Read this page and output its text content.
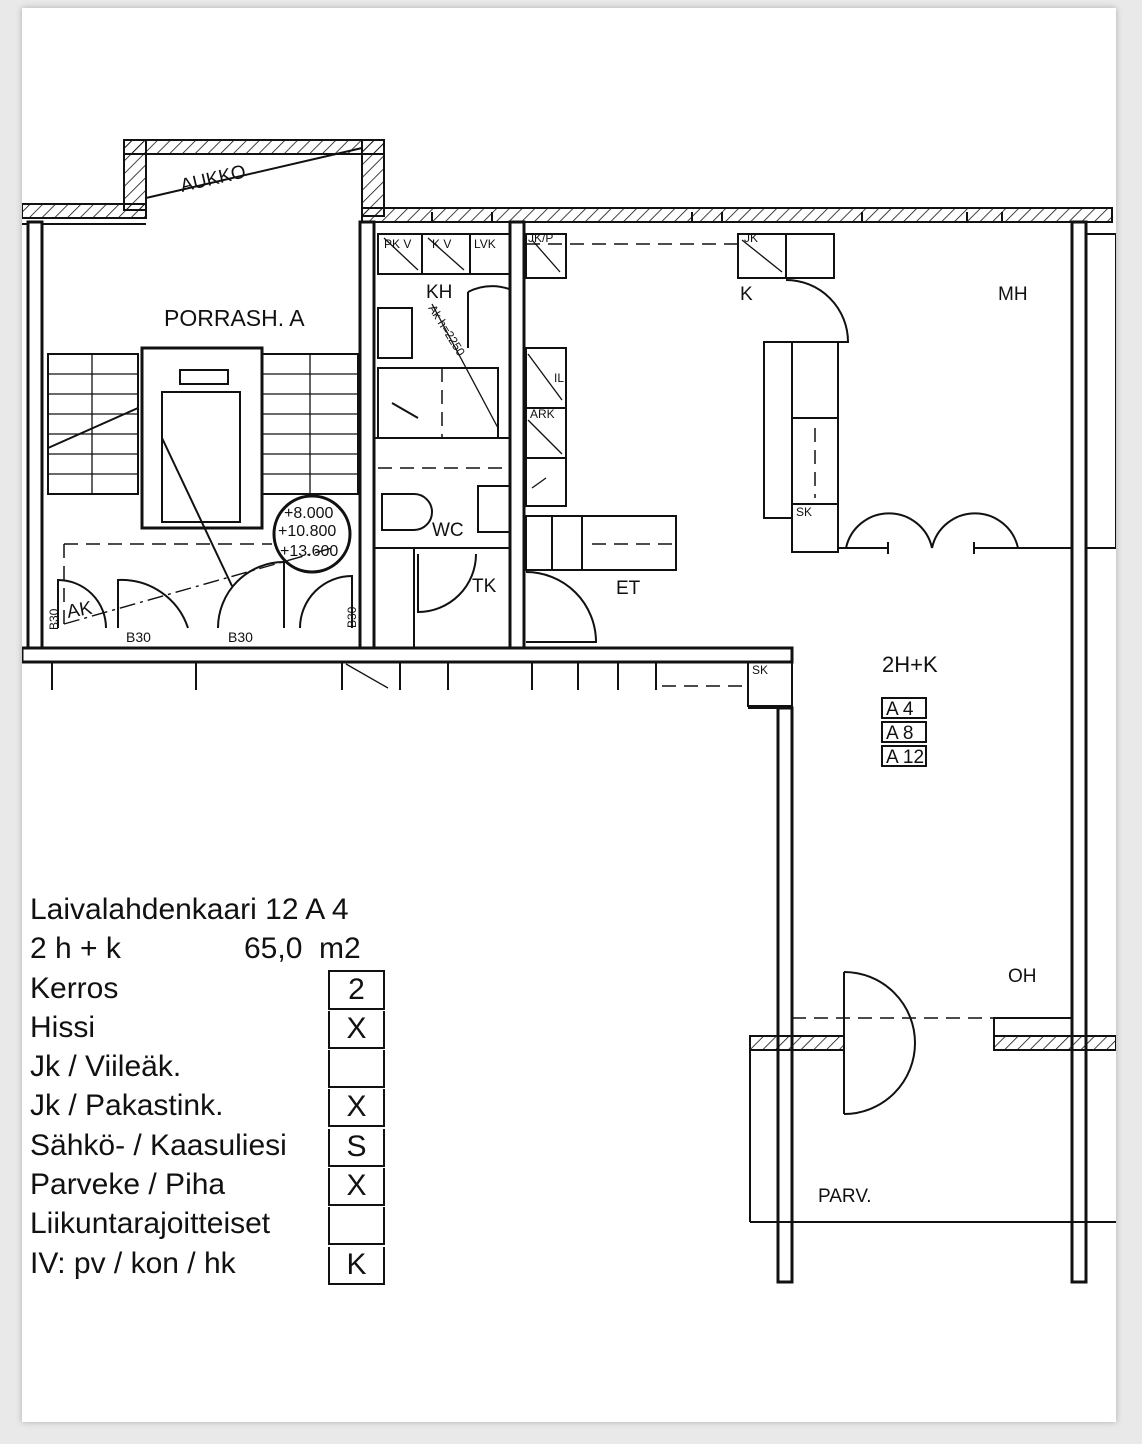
AUKKO
PORRASH. A
+8.000
+10.800
+13.600
AK
B30
B30	B30
B30
PK V K V LVK
KH
Ak h=2250
WC
TK
JK/P	JK
K
IL
ARK
ET
SK
MH
SK	2H+K
A 4
A 8
A 12
OH
PARV.
Laivalahdenkaari 12 A 4
2 h + k	65,0  m2
Kerros	2
Hissi	X
Jk / Viileäk.
Jk / Pakastink.	X
Sähkö- / Kaasuliesi	S
Parveke / Piha	X
Liikuntarajoitteiset
IV: pv / kon / hk	K
